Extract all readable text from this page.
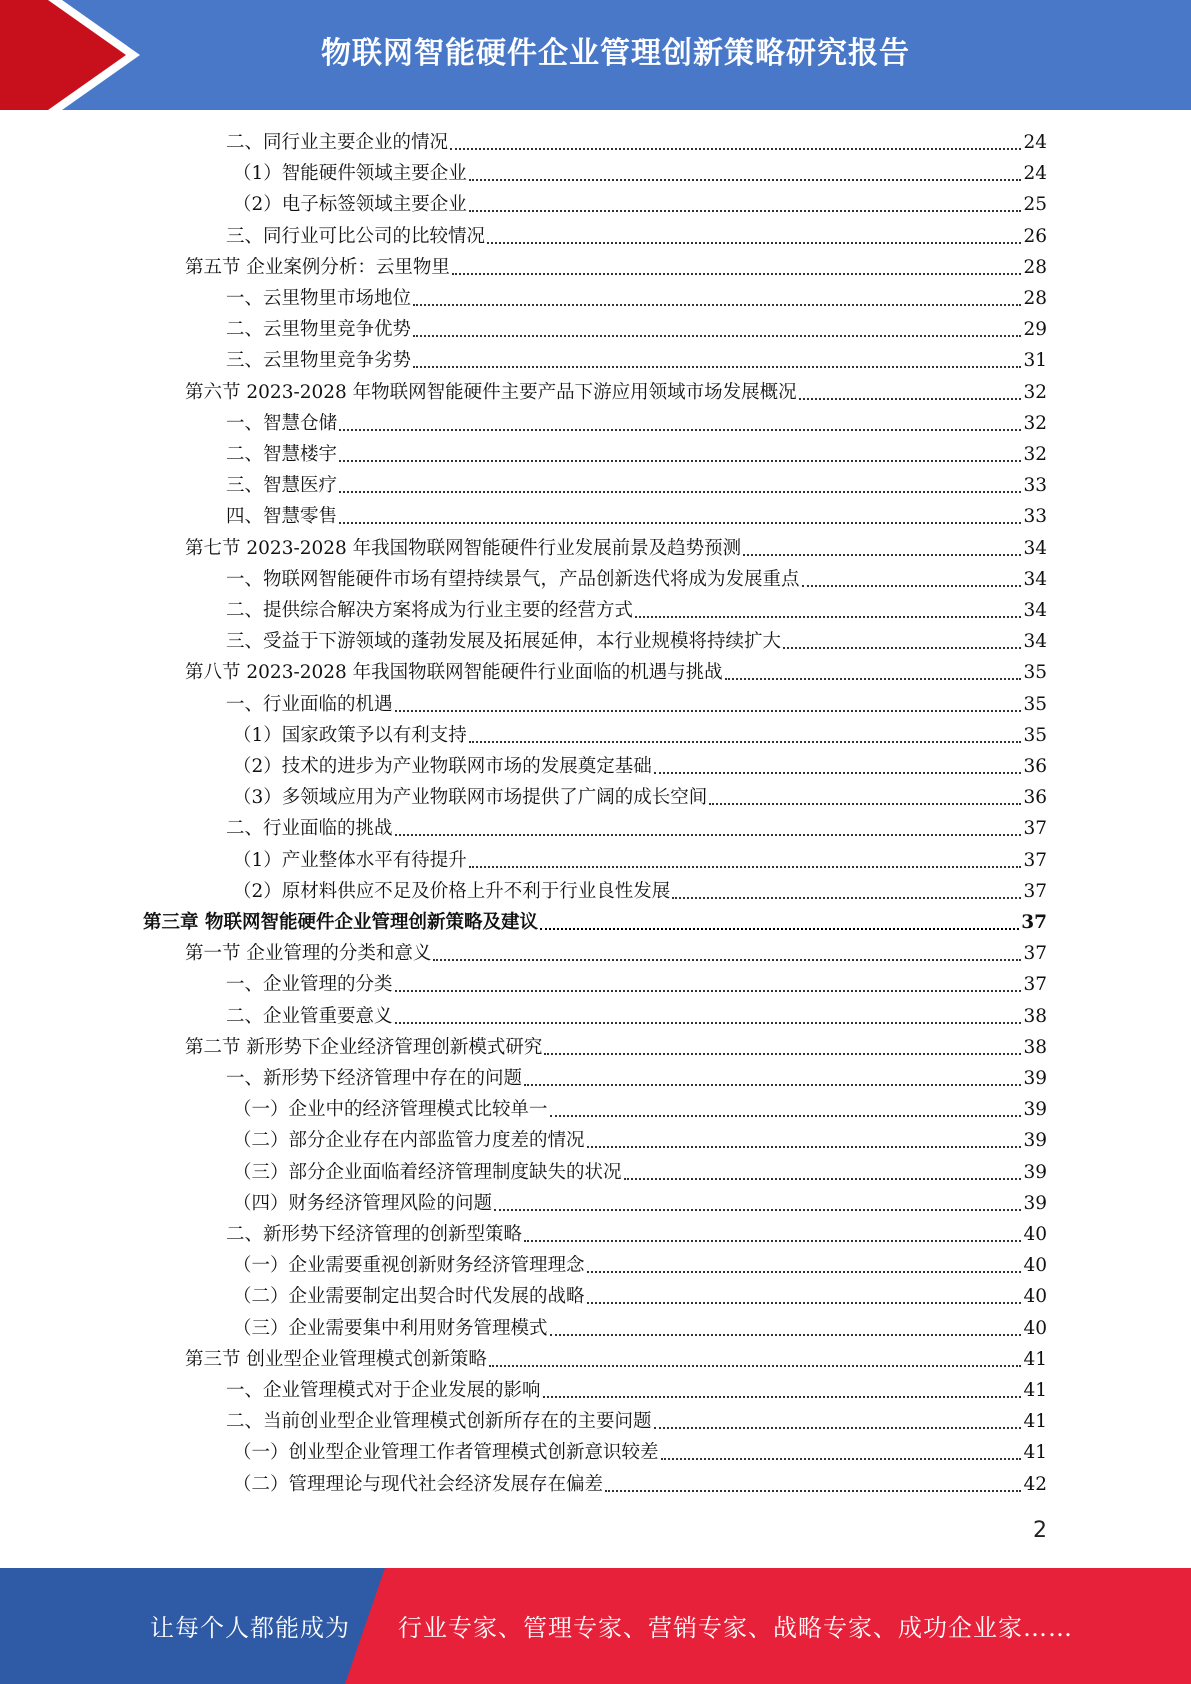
物联网智能硬件企业管理创新策略研究报告
二、同行业主要企业的情况	24
（1）智能硬件领域主要企业	24
（2）电子标签领域主要企业	25
三、同行业可比公司的比较情况	26
第五节 企业案例分析：云里物里	28
一、云里物里市场地位	28
二、云里物里竞争优势	29
三、云里物里竞争劣势	31
第六节 2023-2028 年物联网智能硬件主要产品下游应用领域市场发展概况	32
一、智慧仓储	32
二、智慧楼宇	32
三、智慧医疗	33
四、智慧零售	33
第七节 2023-2028 年我国物联网智能硬件行业发展前景及趋势预测	34
一、物联网智能硬件市场有望持续景气，产品创新迭代将成为发展重点	34
二、提供综合解决方案将成为行业主要的经营方式	34
三、受益于下游领域的蓬勃发展及拓展延伸，本行业规模将持续扩大	34
第八节 2023-2028 年我国物联网智能硬件行业面临的机遇与挑战	35
一、行业面临的机遇	35
（1）国家政策予以有利支持	35
（2）技术的进步为产业物联网市场的发展奠定基础	36
（3）多领域应用为产业物联网市场提供了广阔的成长空间	36
二、行业面临的挑战	37
（1）产业整体水平有待提升	37
（2）原材料供应不足及价格上升不利于行业良性发展	37
第三章 物联网智能硬件企业管理创新策略及建议	37
第一节 企业管理的分类和意义	37
一、企业管理的分类	37
二、企业管重要意义	38
第二节 新形势下企业经济管理创新模式研究	38
一、新形势下经济管理中存在的问题	39
（一）企业中的经济管理模式比较单一	39
（二）部分企业存在内部监管力度差的情况	39
（三）部分企业面临着经济管理制度缺失的状况	39
（四）财务经济管理风险的问题	39
二、新形势下经济管理的创新型策略	40
（一）企业需要重视创新财务经济管理理念	40
（二）企业需要制定出契合时代发展的战略	40
（三）企业需要集中利用财务管理模式	40
第三节 创业型企业管理模式创新策略	41
一、企业管理模式对于企业发展的影响	41
二、当前创业型企业管理模式创新所存在的主要问题	41
（一）创业型企业管理工作者管理模式创新意识较差	41
（二）管理理论与现代社会经济发展存在偏差	42
2
让每个人都能成为 行业专家、管理专家、营销专家、战略专家、成功企业家……
